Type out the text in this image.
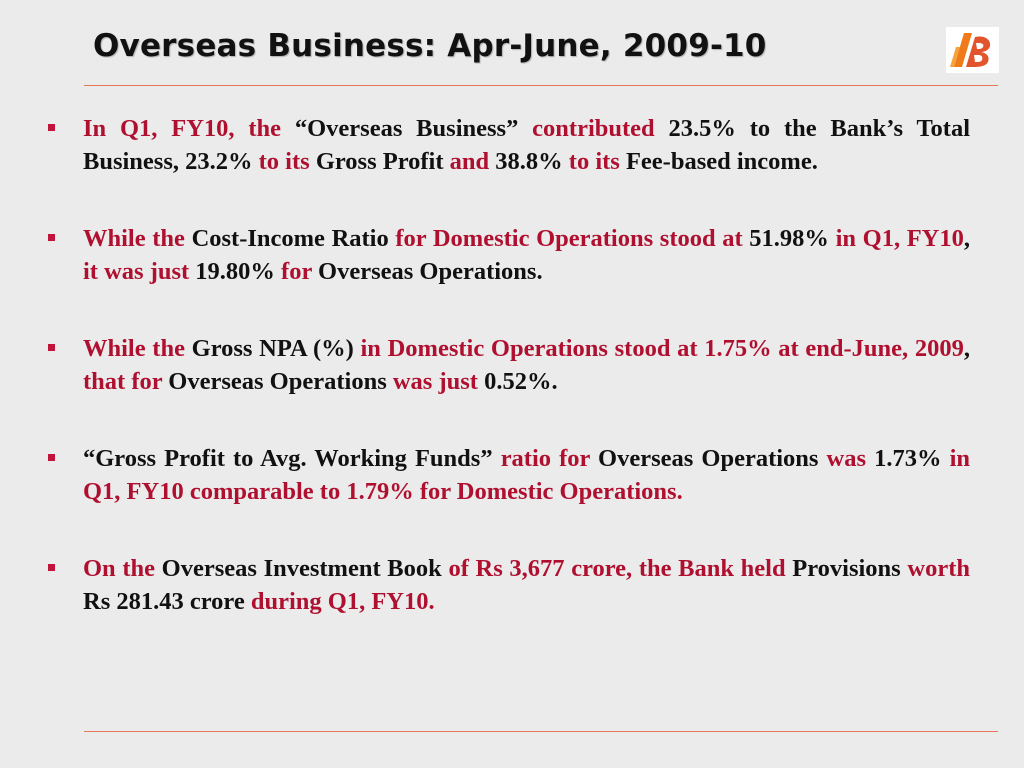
Overseas Business: Apr-June, 2009-10
In Q1, FY10, the “Overseas Business” contributed 23.5% to the Bank’s Total Business, 23.2% to its Gross Profit and 38.8% to its Fee-based income.
While the Cost-Income Ratio for Domestic Operations stood at 51.98% in Q1, FY10, it was just 19.80% for Overseas Operations.
While the Gross NPA (%) in Domestic Operations stood at 1.75% at end-June, 2009, that for Overseas Operations was just 0.52%.
“Gross Profit to Avg. Working Funds” ratio for Overseas Operations was 1.73% in Q1, FY10 comparable to 1.79% for Domestic Operations.
On the Overseas Investment Book of Rs 3,677 crore, the Bank held Provisions worth Rs 281.43 crore during Q1, FY10.
